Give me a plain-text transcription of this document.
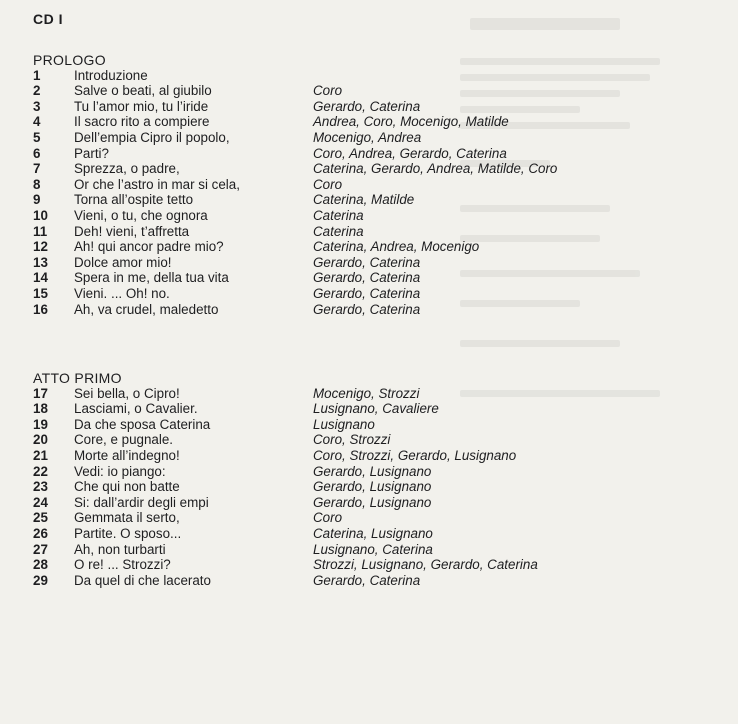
CD I
PROLOGO
1	Introduzione
2	Salve o beati, al giubilo	Coro
3	Tu l’amor mio, tu l’iride	Gerardo, Caterina
4	Il sacro rito a compiere	Andrea, Coro, Mocenigo, Matilde
5	Dell’empia Cipro il popolo,	Mocenigo, Andrea
6	Parti?	Coro, Andrea, Gerardo, Caterina
7	Sprezza, o padre,	Caterina, Gerardo, Andrea, Matilde, Coro
8	Or che l’astro in mar si cela,	Coro
9	Torna all’ospite tetto	Caterina, Matilde
10 Vieni, o tu, che ognora	Caterina
11 Deh! vieni, t’affretta	Caterina
12 Ah! qui ancor padre mio?	Caterina, Andrea, Mocenigo
13 Dolce amor mio!	Gerardo, Caterina
14 Spera in me, della tua vita	Gerardo, Caterina
15 Vieni. ... Oh! no.	Gerardo, Caterina
16 Ah, va crudel, maledetto	Gerardo, Caterina
ATTO PRIMO
17 Sei bella, o Cipro!	Mocenigo, Strozzi
18 Lasciami, o Cavalier.	Lusignano, Cavaliere
19 Da che sposa Caterina	Lusignano
20 Core, e pugnale.	Coro, Strozzi
21 Morte all’indegno!	Coro, Strozzi, Gerardo, Lusignano
22 Vedi: io piango:	Gerardo, Lusignano
23 Che qui non batte	Gerardo, Lusignano
24 Si: dall’ardir degli empi	Gerardo, Lusignano
25 Gemmata il serto,	Coro
26 Partite. O sposo...	Caterina, Lusignano
27 Ah, non turbarti	Lusignano, Caterina
28 O re! ... Strozzi?	Strozzi, Lusignano, Gerardo, Caterina
29 Da quel di che lacerato	Gerardo, Caterina
